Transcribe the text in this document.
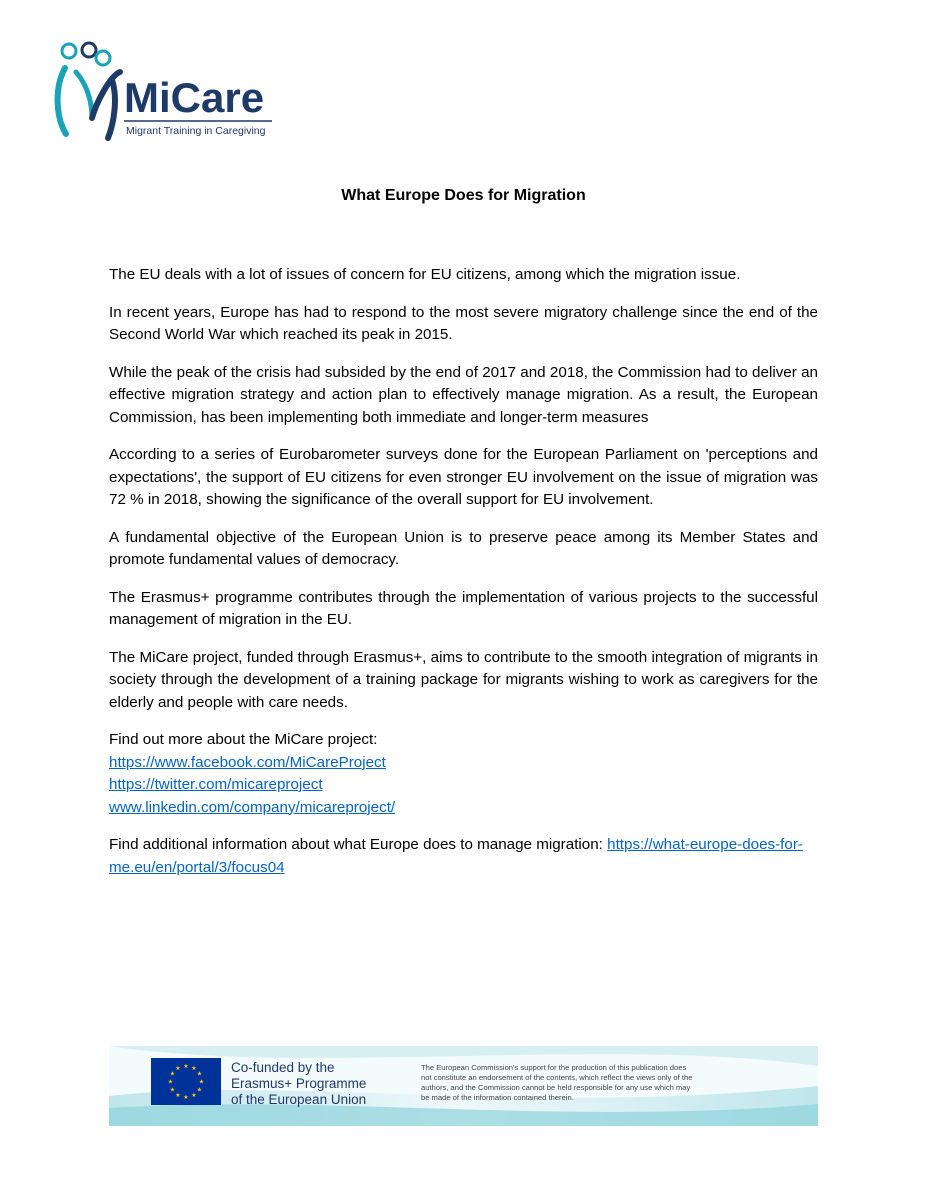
MiCare
Migrant Training in Caregiving
What Europe Does for Migration

The EU deals with a lot of issues of concern for EU citizens, among which the migration issue.

In recent years, Europe has had to respond to the most severe migratory challenge since the end of the Second World War which reached its peak in 2015.

While the peak of the crisis had subsided by the end of 2017 and 2018, the Commission had to deliver an effective migration strategy and action plan to effectively manage migration. As a result, the European Commission, has been implementing both immediate and longer-term measures

According to a series of Eurobarometer surveys done for the European Parliament on 'perceptions and expectations', the support of EU citizens for even stronger EU involvement on the issue of migration was 72 % in 2018, showing the significance of the overall support for EU involvement.

A fundamental objective of the European Union is to preserve peace among its Member States and promote fundamental values of democracy.

The Erasmus+ programme contributes through the implementation of various projects to the successful management of migration in the EU.

The MiCare project, funded through Erasmus+, aims to contribute to the smooth integration of migrants in society through the development of a training package for migrants wishing to work as caregivers for the elderly and people with care needs.

Find out more about the MiCare project:
https://www.facebook.com/MiCareProject
https://twitter.com/micareproject
www.linkedin.com/company/micareproject/

Find additional information about what Europe does to manage migration: https://what-europe-does-for-me.eu/en/portal/3/focus04

★ ★
★
★
★
★
★
★
★
★
★
★	Co-funded by the
Erasmus+ Programme
of the European Union
The European Commission's support for the production of this publication does
not constitute an endorsement of the contents, which reflect the views only of the
authors, and the Commission cannot be held responsible for any use which may
be made of the information contained therein.
